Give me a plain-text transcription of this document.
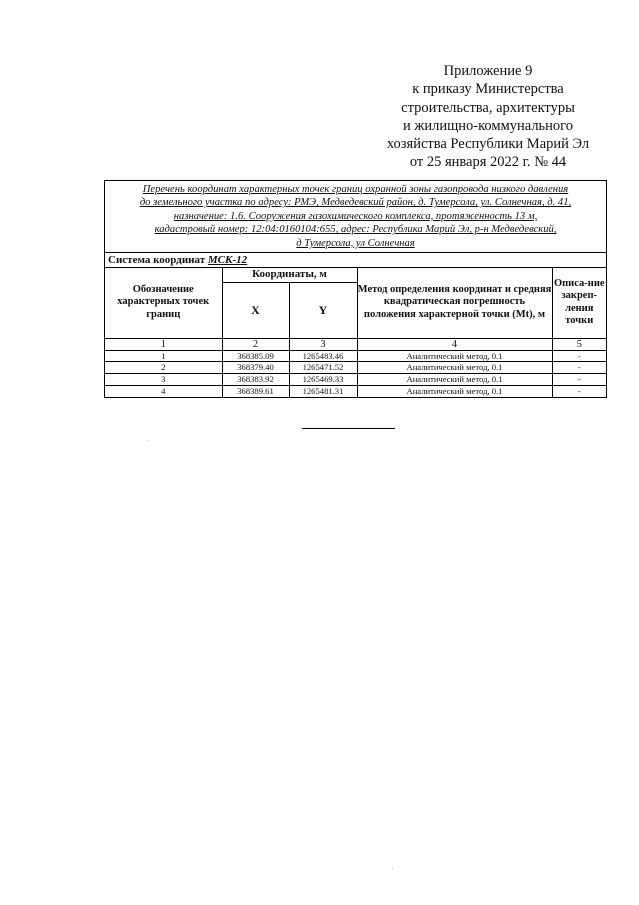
Приложение 9
к приказу Министерства
строительства, архитектуры
и жилищно-коммунального
хозяйства Республики Марий Эл
от 25 января 2022 г. № 44
Перечень координат характерных точек границ охранной зоны газопровода низкого давления
до земельного участка по адресу: РМЭ, Медведевский район, д. Тумерсола, ул. Солнечная, д. 41,
назначение: 1.6. Сооружения газохимического комплекса, протяженность 13 м,
кадастровый номер: 12:04:0160104:655, адрес: Республика Марий Эл, р-н Медведевский,
д Тумерсола, ул Солнечная
Система координат МСК-12
Обозначение характерных точек границ	Координаты, м		Метод определения координат и средняя квадратическая погрешность положения характерной точки (Mt), м	Описа-ние закреп-ления точки
	X	Y		
1	2	3	4	5
1	368385.09	1265483.46	Аналитический метод, 0.1	-
2	368379.40	1265471.52	Аналитический метод, 0.1	-
3	368383.92	1265469.33	Аналитический метод, 0.1	-
4	368389.61	1265481.31	Аналитический метод, 0.1	-
